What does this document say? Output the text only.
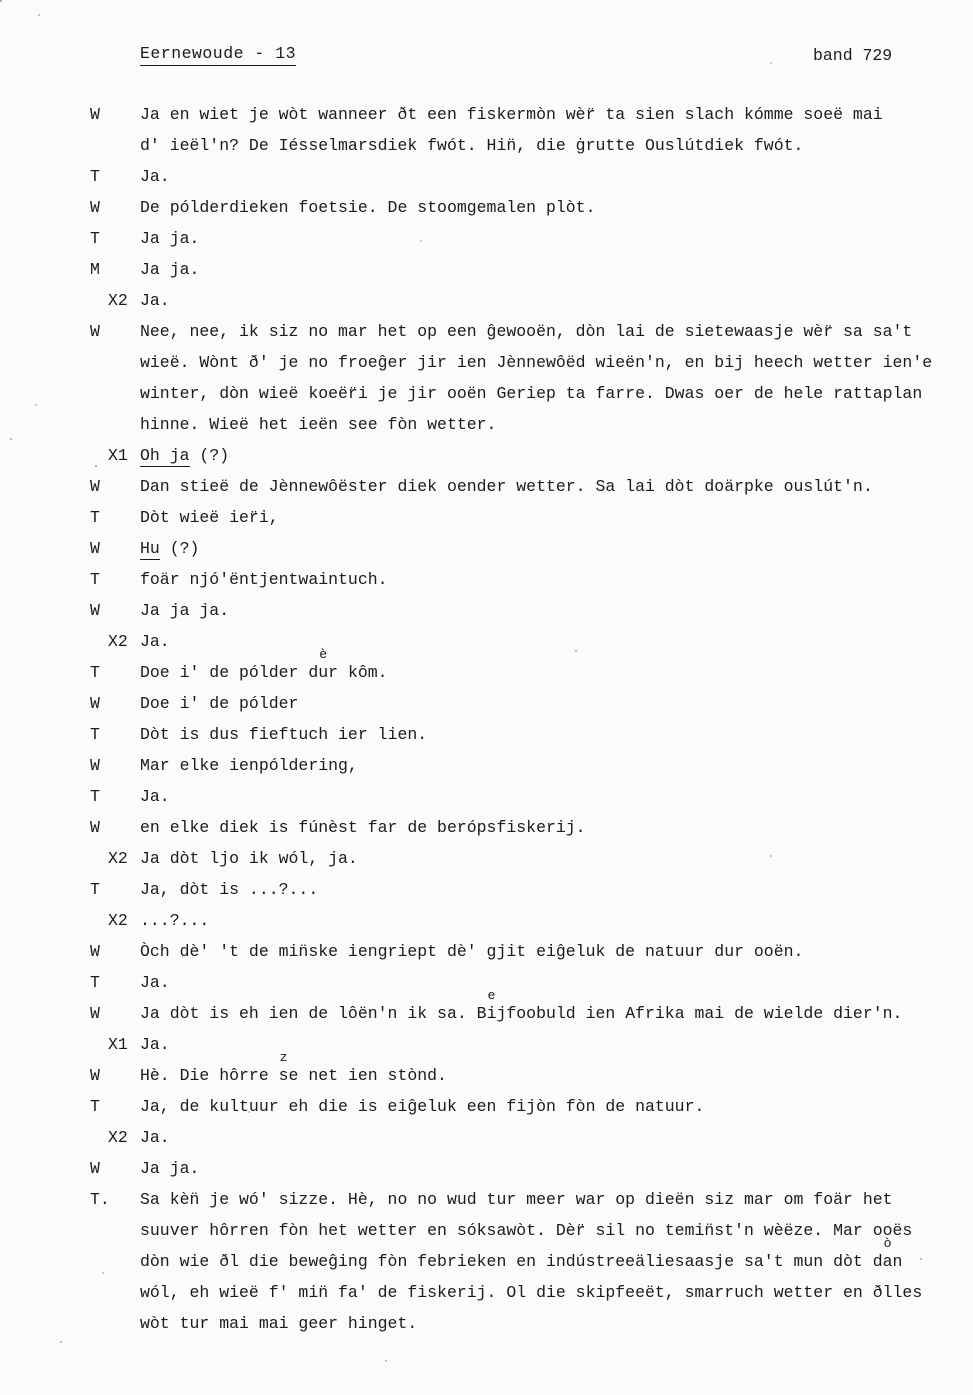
Eernewoude - 13	band 729
W	Ja en wiet je wòt wanneer ðt een fiskermòn wèr̈ ta sien slach kómme soeë mai
d' ieël'n? De Iésselmarsdiek fwót. Hin̈, die ġrutte Ouslútdiek fwót.
T	Ja.
W	De pólderdieken foetsie. De stoomgemalen plòt.
T	Ja ja.
M	Ja ja.
X2 Ja.
W	Nee, nee, ik siz no mar het op een ĝewooën, dòn lai de sietewaasje wèr̈ sa sa't
wieë. Wònt ð' je no froeĝer jir ien Jènnewôëd wieën'n, en bij heech wetter ien'e
winter, dòn wieë koeër̈i je jir ooën Geriep ta farre. Dwas oer de hele rattaplan
hinne. Wieë het ieën see fòn wetter.
X1 Oh ja (?)
W	Dan stieë de Jènnewôëster diek oender wetter. Sa lai dòt doärpke ouslút'n.
T	Dòt wieë ier̈i,
W	Hu (?)
T	foär njó'ëntjentwaintuch.
W	Ja ja ja.
X2 Ja.
T	Doe i' de pólder du
è
r kôm.
W	Doe i' de pólder
T	Dòt is dus fieftuch ier lien.
W	Mar elke ienpóldering,
T	Ja.
W	en elke diek is fúnèst far de berópsfiskerij.
X2 Ja dòt ljo ik wól, ja.
T	Ja, dòt is ...?...
X2 ...?...
W	Òch dè' 't de min̈ske iengriept dè' gjit eiĝeluk de natuur dur ooën.
T	Ja.
W	Ja dòt is eh ien de lôën'n ik sa. Bi
e
jfoobuld ien Afrika mai de wielde dier'n.
X1 Ja.
W	Hè. Die hôrre s
z
e net ien stònd.
T	Ja, de kultuur eh die is eiĝeluk een fijòn fòn de natuur.
X2 Ja.
W	Ja ja.
T.	Sa kèn̈ je wó' sizze. Hè, no no wud tur meer war op dieën siz mar om foär het
suuver hôrren fòn het wetter en sóksawòt. Dèr̈ sil no temin̈st'n wèëze. Mar ooës
dòn wie ðl die beweĝing fòn febrieken en indústreeäliesaasje sa't mun dòt da
ò
n
wól, eh wieë f' min̈ fa' de fiskerij. Ol die skipfeeët, smarruch wetter en ðlles
wòt tur mai mai geer hinget.
